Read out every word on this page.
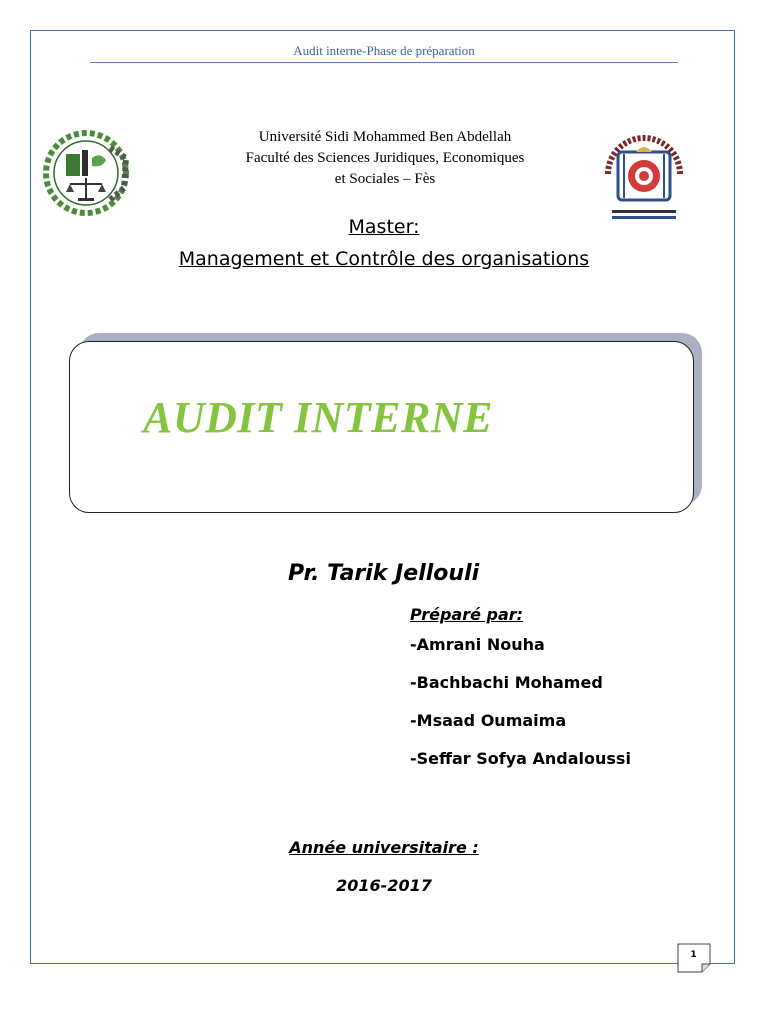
Audit interne-Phase de préparation
Université Sidi Mohammed Ben Abdellah
Faculté des Sciences Juridiques, Economiques
et Sociales – Fès
Master:
Management et Contrôle des organisations
AUDIT INTERNE
Pr. Tarik Jellouli
Préparé par:
-Amrani Nouha
-Bachbachi Mohamed
-Msaad Oumaima
-Seffar Sofya Andaloussi
Année universitaire :
2016-2017
1
